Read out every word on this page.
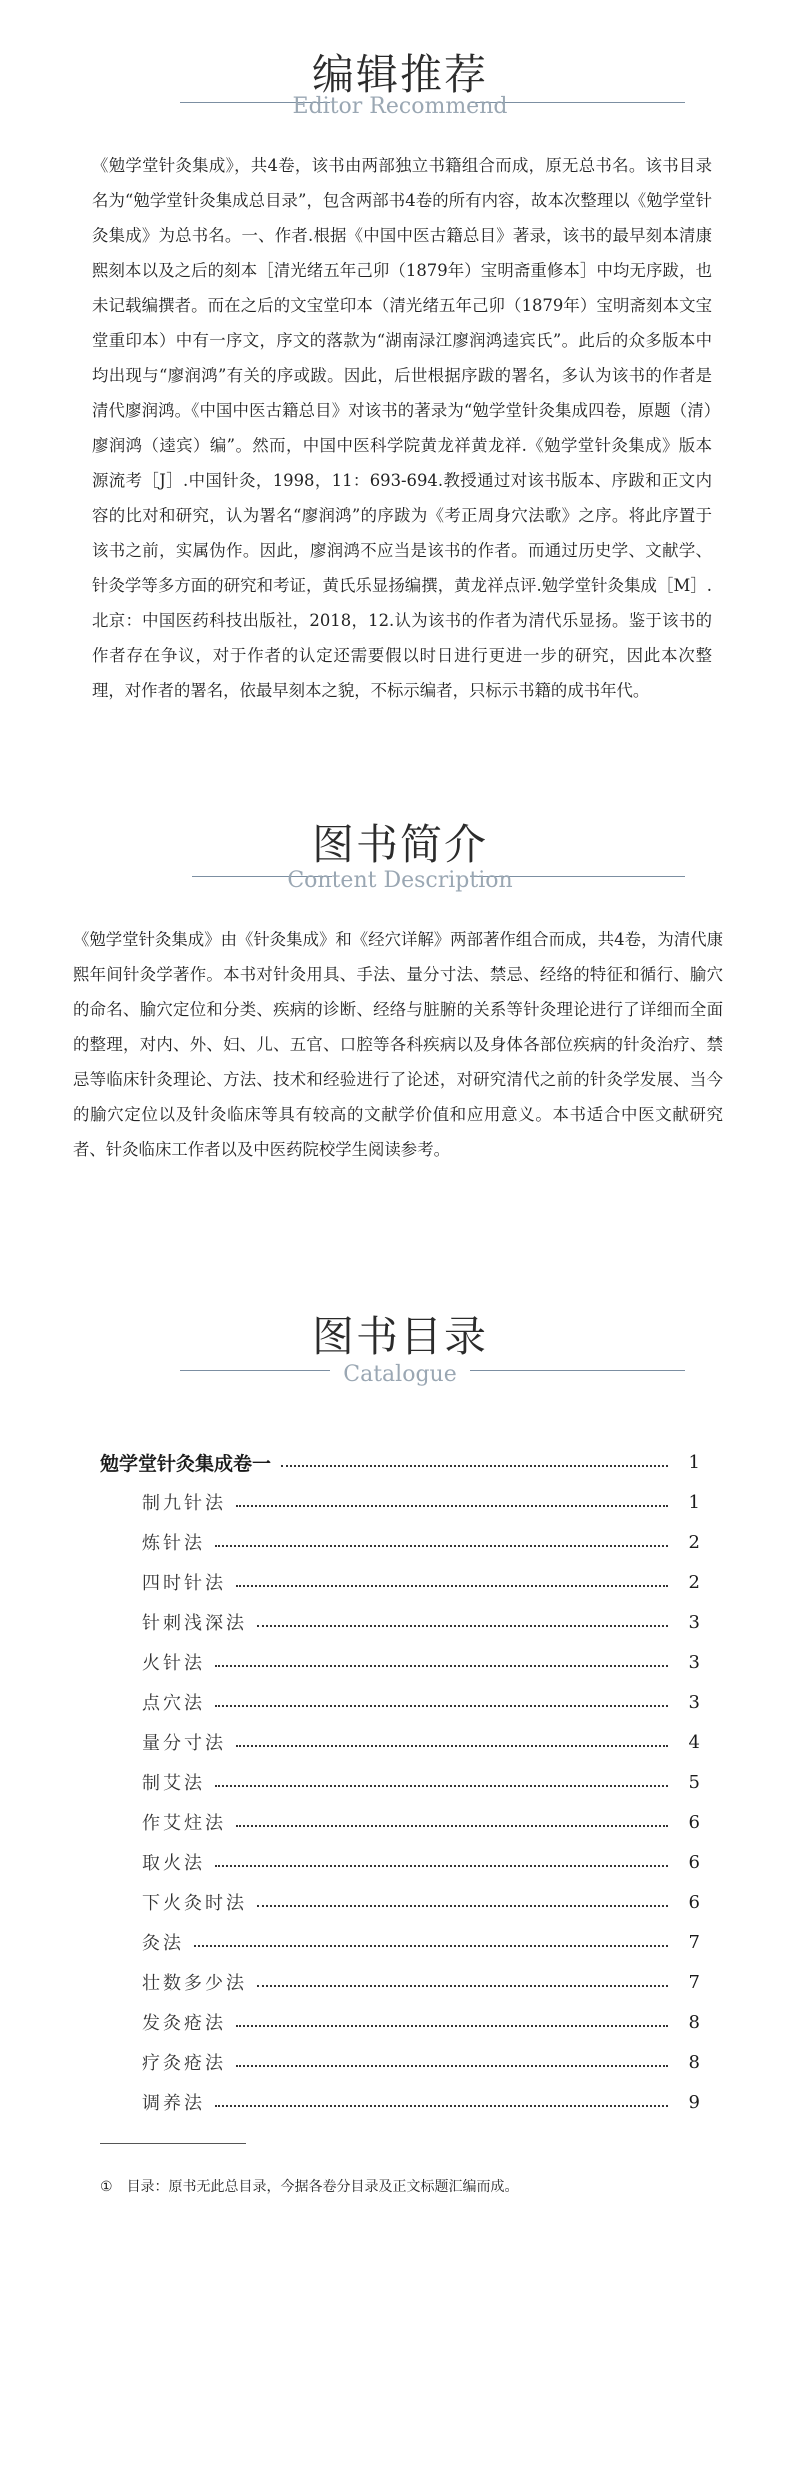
编辑推荐
Editor Recommend
《勉学堂针灸集成》，共4卷，该书由两部独立书籍组合而成，原无总书名。该书目录名为“勉学堂针灸集成总目录”，包含两部书4卷的所有内容，故本次整理以《勉学堂针灸集成》为总书名。一、作者.根据《中国中医古籍总目》著录，该书的最早刻本清康熙刻本以及之后的刻本［清光绪五年己卯（1879年）宝明斋重修本］中均无序跋，也未记载编撰者。而在之后的文宝堂印本（清光绪五年己卯（1879年）宝明斋刻本文宝堂重印本）中有一序文，序文的落款为“湖南渌江廖润鸿逵宾氏”。此后的众多版本中均出现与“廖润鸿”有关的序或跋。因此，后世根据序跋的署名，多认为该书的作者是清代廖润鸿。《中国中医古籍总目》对该书的著录为“勉学堂针灸集成四卷，原题（清）廖润鸿（逵宾）编”。然而，中国中医科学院黄龙祥黄龙祥.《勉学堂针灸集成》版本源流考［J］.中国针灸，1998，11：693-694.教授通过对该书版本、序跋和正文内容的比对和研究，认为署名“廖润鸿”的序跋为《考正周身穴法歌》之序。将此序置于该书之前，实属伪作。因此，廖润鸿不应当是该书的作者。而通过历史学、文献学、针灸学等多方面的研究和考证，黄氏乐显扬编撰，黄龙祥点评.勉学堂针灸集成［M］.北京：中国医药科技出版社，2018，12.认为该书的作者为清代乐显扬。鉴于该书的作者存在争议，对于作者的认定还需要假以时日进行更进一步的研究，因此本次整理，对作者的署名，依最早刻本之貌，不标示编者，只标示书籍的成书年代。
图书简介
Content Description
《勉学堂针灸集成》由《针灸集成》和《经穴详解》两部著作组合而成，共4卷，为清代康熙年间针灸学著作。本书对针灸用具、手法、量分寸法、禁忌、经络的特征和循行、腧穴的命名、腧穴定位和分类、疾病的诊断、经络与脏腑的关系等针灸理论进行了详细而全面的整理，对内、外、妇、儿、五官、口腔等各科疾病以及身体各部位疾病的针灸治疗、禁忌等临床针灸理论、方法、技术和经验进行了论述，对研究清代之前的针灸学发展、当今的腧穴定位以及针灸临床等具有较高的文献学价值和应用意义。本书适合中医文献研究者、针灸临床工作者以及中医药院校学生阅读参考。
图书目录
Catalogue
勉学堂针灸集成卷一	1
制九针法	1
炼针法	2
四时针法	2
针刺浅深法	3
火针法	3
点穴法	3
量分寸法	4
制艾法	5
作艾炷法	6
取火法	6
下火灸时法	6
灸法	7
壮数多少法	7
发灸疮法	8
疗灸疮法	8
调养法	9
① 目录：原书无此总目录，今据各卷分目录及正文标题汇编而成。
